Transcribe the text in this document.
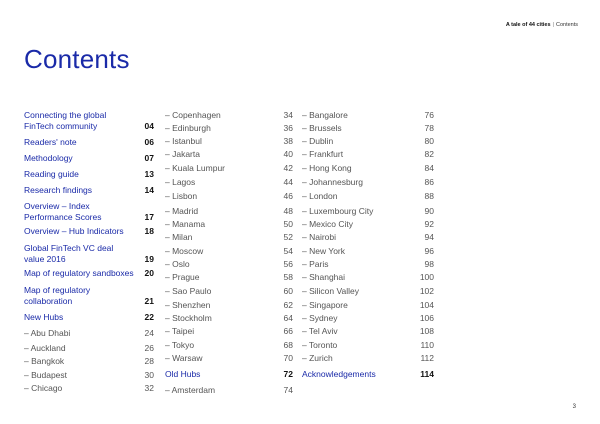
A tale of 44 cities | Contents
Contents
Connecting the global
FinTech community	04
Readers' note	06
Methodology	07
Reading guide	13
Research findings	14
Overview – Index
Performance Scores	17
Overview – Hub Indicators 18
Global FinTech VC deal
value 2016	19
Map of regulatory sandboxes 20
Map of regulatory
collaboration	21
New Hubs	22
– Abu Dhabi	24
– Auckland	26
– Bangkok	28
– Budapest	30
– Chicago	32
– Copenhagen	34
– Edinburgh	36
– Istanbul	38
– Jakarta	40
– Kuala Lumpur	42
– Lagos	44
– Lisbon	46
– Madrid	48
– Manama	50
– Milan	52
– Moscow	54
– Oslo	56
– Prague	58
– Sao Paulo	60
– Shenzhen	62
– Stockholm	64
– Taipei	66
– Tokyo	68
– Warsaw	70
Old Hubs	72
– Amsterdam	74
– Bangalore	76
– Brussels	78
– Dublin	80
– Frankfurt	82
– Hong Kong	84
– Johannesburg	86
– London	88
– Luxembourg City	90
– Mexico City	92
– Nairobi	94
– New York	96
– Paris	98
– Shanghai	100
– Silicon Valley	102
– Singapore	104
– Sydney	106
– Tel Aviv	108
– Toronto	110
– Zurich	112
Acknowledgements	114
3
